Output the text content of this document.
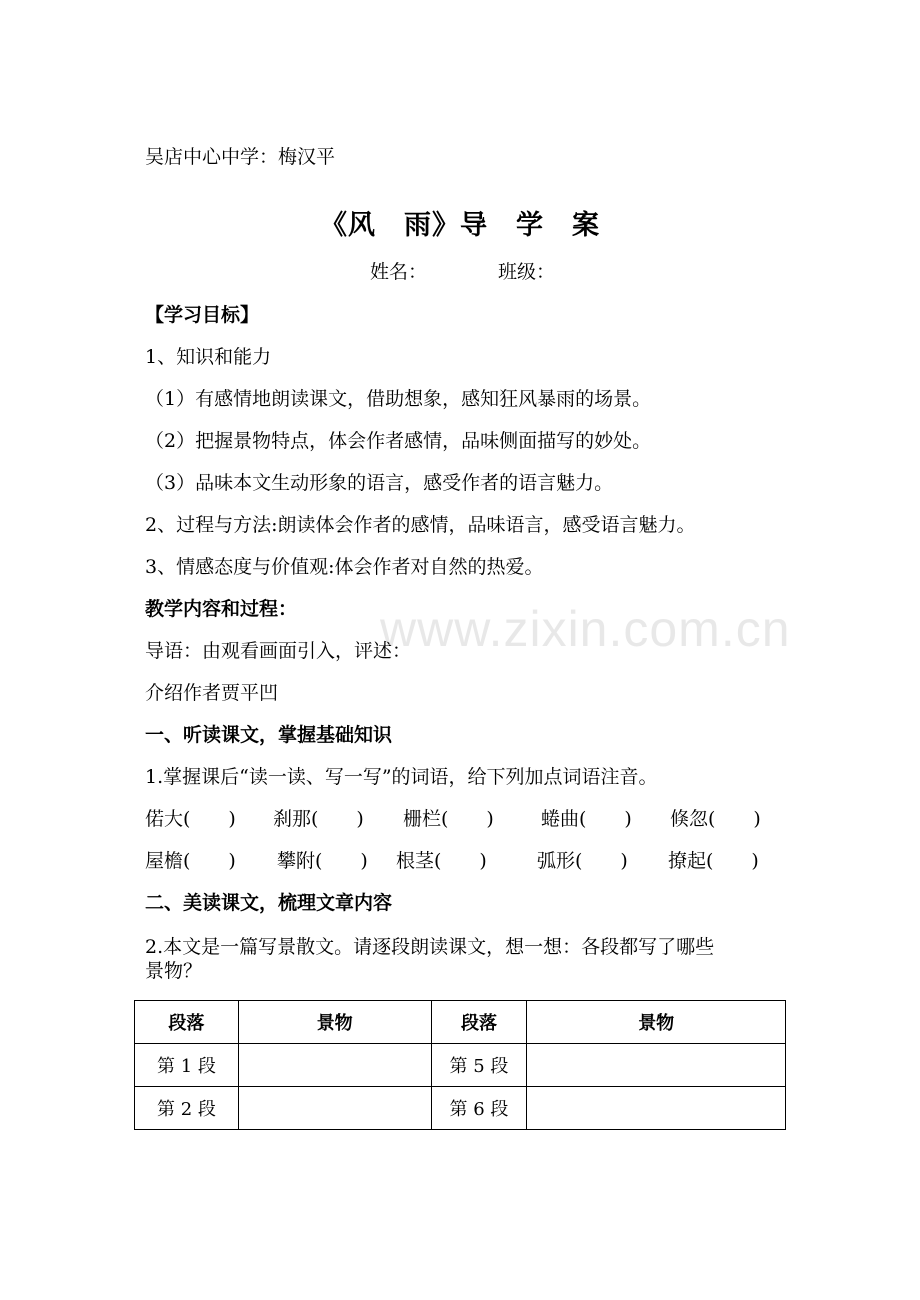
www.zixin.com.cn
吴店中心中学：梅汉平
《风　雨》导　学　案
姓名：	班级：
【学习目标】
1、知识和能力
（1）有感情地朗读课文，借助想象，感知狂风暴雨的场景。
（2）把握景物特点，体会作者感情，品味侧面描写的妙处。
（3）品味本文生动形象的语言，感受作者的语言魅力。
2、过程与方法:朗读体会作者的感情，品味语言，感受语言魅力。
3、情感态度与价值观:体会作者对自然的热爱。
教学内容和过程：
导语：由观看画面引入，评述：
介绍作者贾平凹
一、听读课文，掌握基础知识
1.掌握课后“读一读、写一写”的词语，给下列加点词语注音。
偌大(　　) 刹那(　　) 栅栏(　　) 蜷曲(　　) 倏忽(　　)
屋檐(　　) 攀附(　　) 根茎(　　)	弧形(　　) 撩起(　　)
二、美读课文，梳理文章内容
2.本文是一篇写景散文。请逐段朗读课文，想一想：各段都写了哪些
景物？
段落	景物	段落	景物
第 1 段		第 5 段	
第 2 段		第 6 段	
